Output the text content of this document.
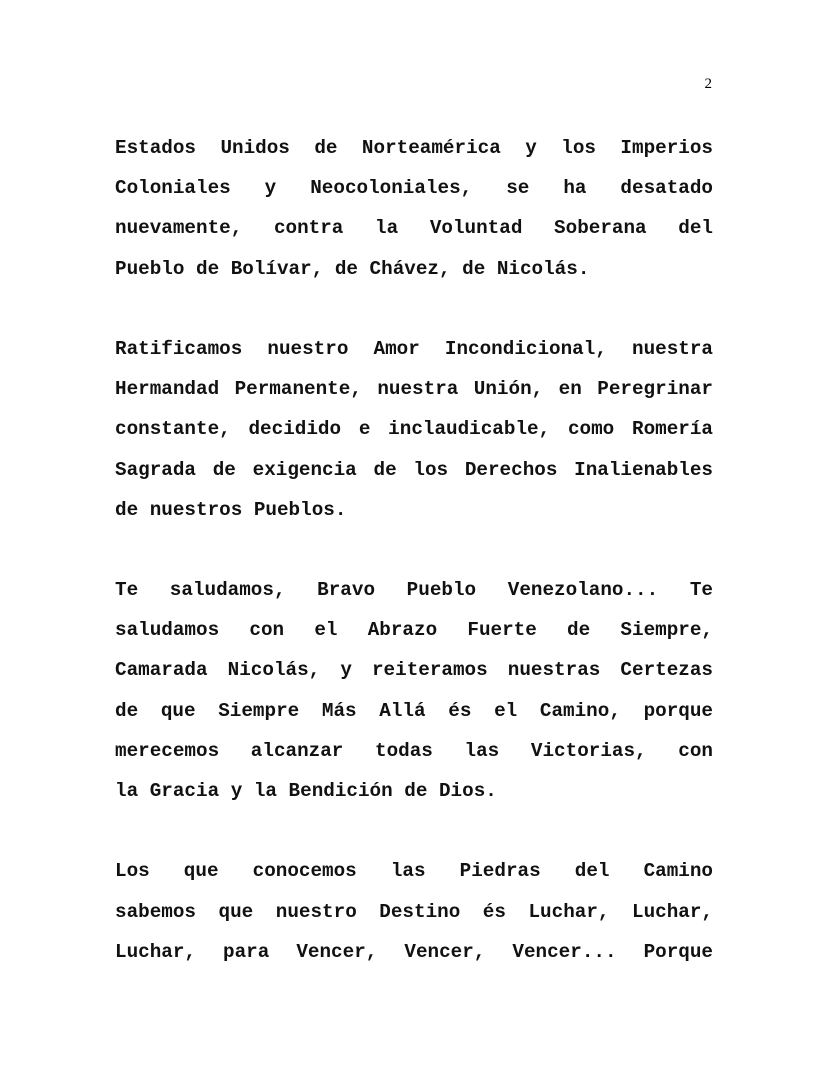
2
Estados Unidos de Norteamérica y los Imperios
Coloniales y Neocoloniales, se ha desatado
nuevamente, contra la Voluntad Soberana del
Pueblo de Bolívar, de Chávez, de Nicolás.
Ratificamos nuestro Amor Incondicional, nuestra
Hermandad Permanente, nuestra Unión, en Peregrinar
constante, decidido e inclaudicable, como Romería
Sagrada de exigencia de los Derechos Inalienables
de nuestros Pueblos.
Te saludamos, Bravo Pueblo Venezolano... Te
saludamos con el Abrazo Fuerte de Siempre,
Camarada Nicolás, y reiteramos nuestras Certezas
de que Siempre Más Allá és el Camino, porque
merecemos alcanzar todas las Victorias, con
la Gracia y la Bendición de Dios.
Los que conocemos las Piedras del Camino
sabemos que nuestro Destino és Luchar, Luchar,
Luchar, para Vencer, Vencer, Vencer... Porque
